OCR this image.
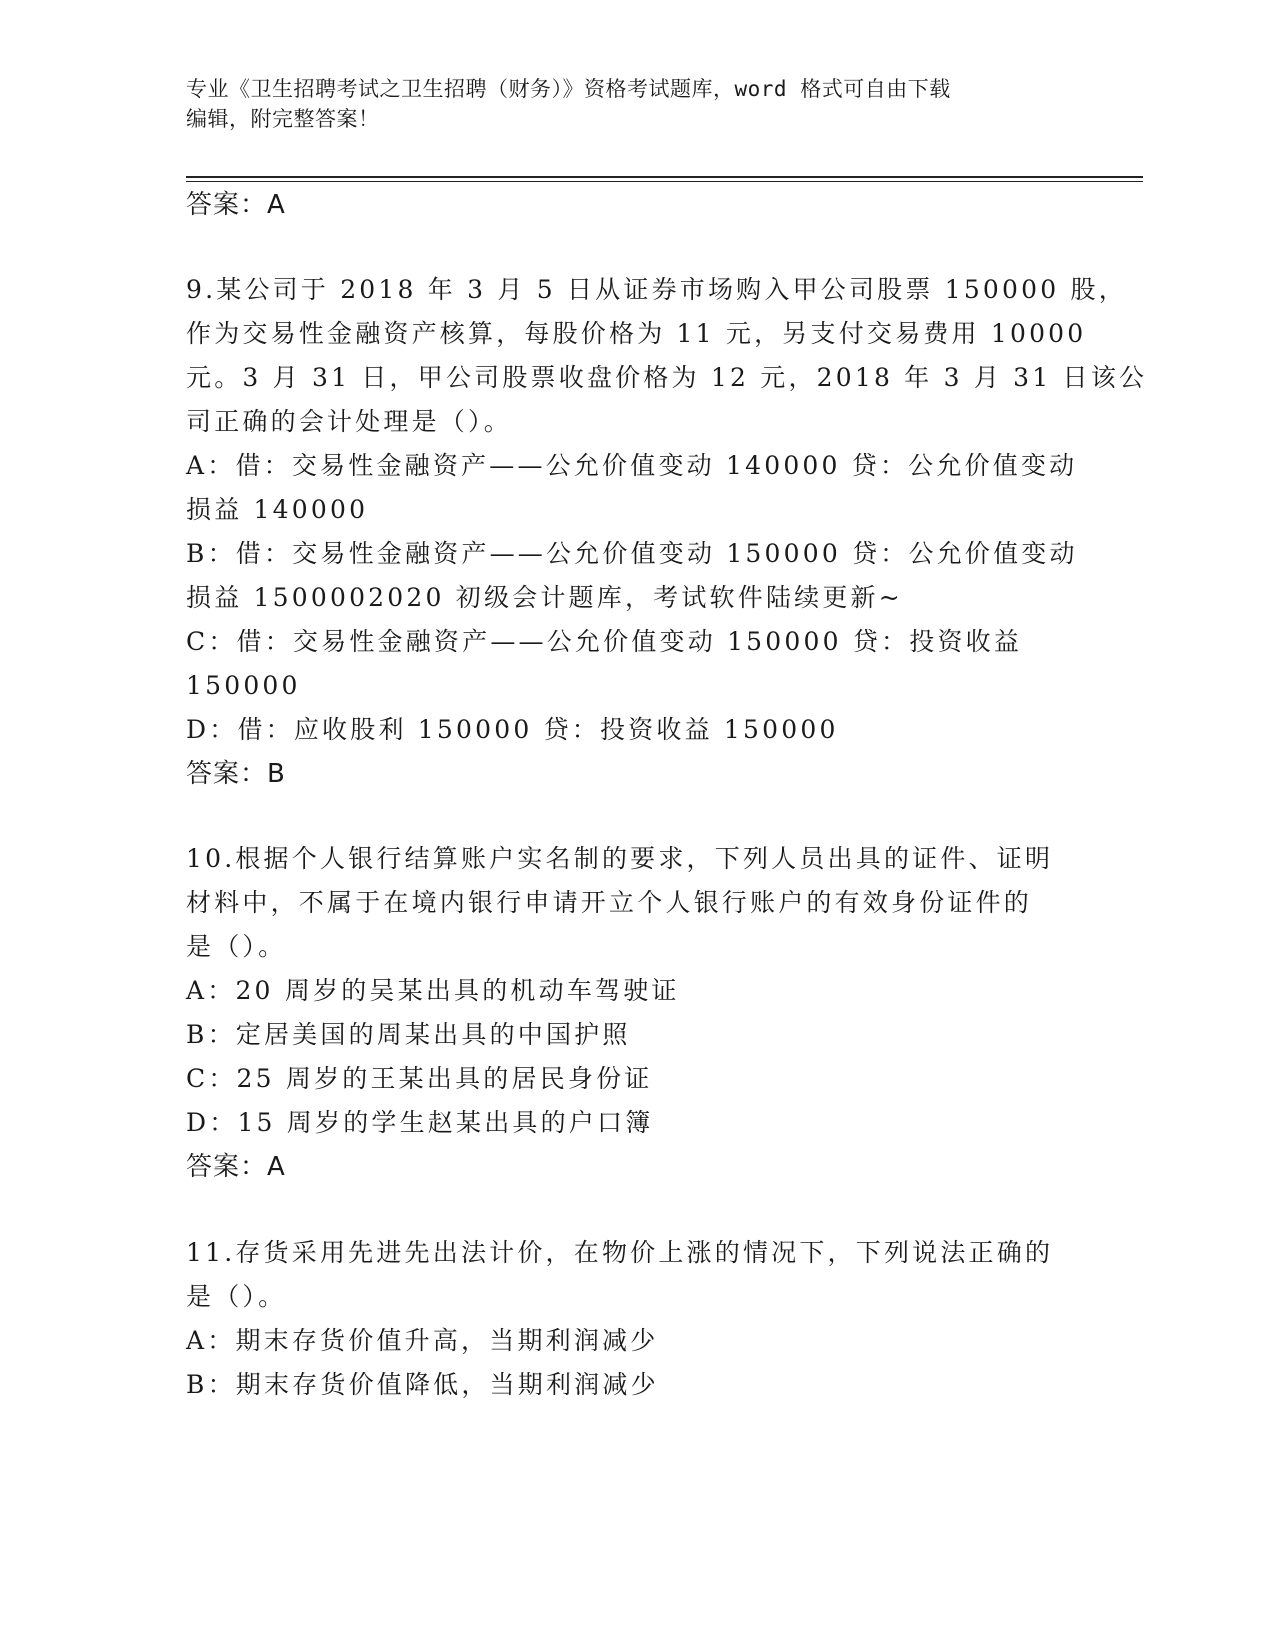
专业《卫生招聘考试之卫生招聘（财务）》资格考试题库，word 格式可自由下载
编辑，附完整答案！
答案：A
9.某公司于 2018 年 3 月 5 日从证券市场购入甲公司股票 150000 股，
作为交易性金融资产核算，每股价格为 11 元，另支付交易费用 10000
元。3 月 31 日，甲公司股票收盘价格为 12 元，2018 年 3 月 31 日该公
司正确的会计处理是（）。
A：借：交易性金融资产——公允价值变动 140000 贷：公允价值变动
损益 140000
B：借：交易性金融资产——公允价值变动 150000 贷：公允价值变动
损益 1500002020 初级会计题库，考试软件陆续更新~
C：借：交易性金融资产——公允价值变动 150000 贷：投资收益
150000
D：借：应收股利 150000 贷：投资收益 150000
答案：B
10.根据个人银行结算账户实名制的要求，下列人员出具的证件、证明
材料中，不属于在境内银行申请开立个人银行账户的有效身份证件的
是（）。
A：20 周岁的吴某出具的机动车驾驶证
B：定居美国的周某出具的中国护照
C：25 周岁的王某出具的居民身份证
D：15 周岁的学生赵某出具的户口簿
答案：A
11.存货采用先进先出法计价，在物价上涨的情况下，下列说法正确的
是（）。
A：期末存货价值升高，当期利润减少
B：期末存货价值降低，当期利润减少
